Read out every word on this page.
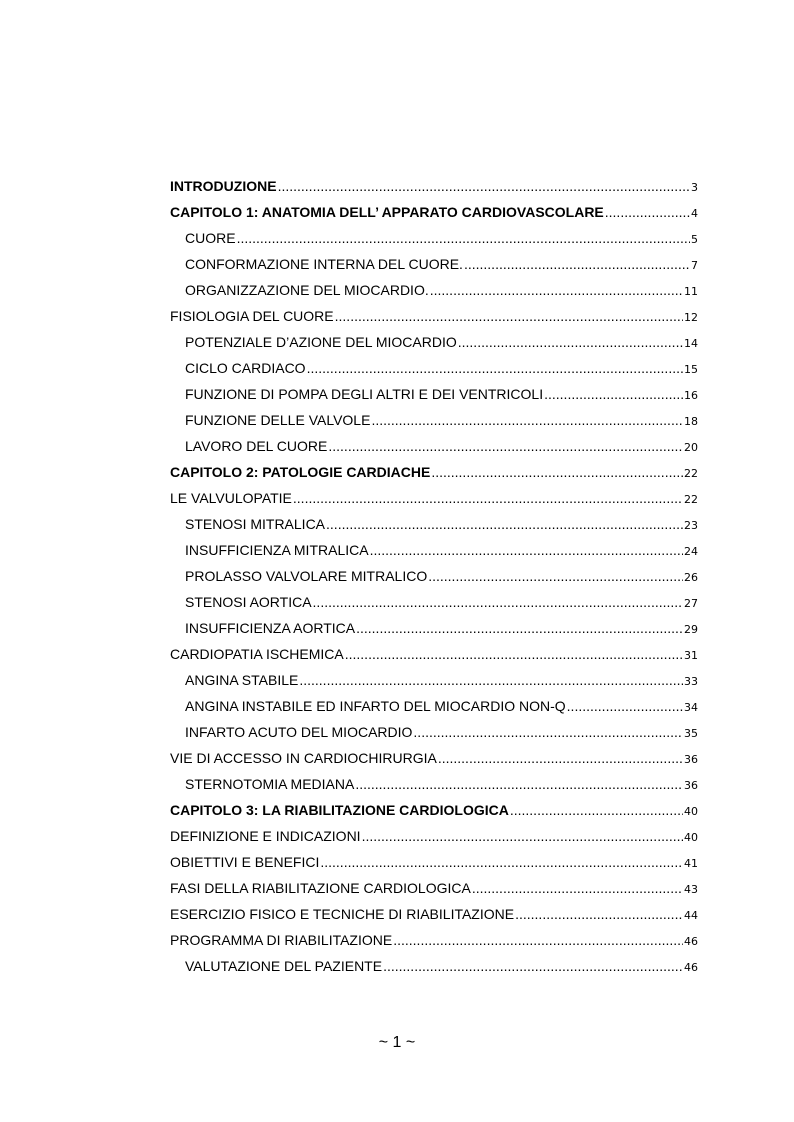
INTRODUZIONE .....	3
CAPITOLO 1: ANATOMIA DELL’ APPARATO CARDIOVASCOLARE .....	4
CUORE .....	5
CONFORMAZIONE INTERNA DEL CUORE. .....	7
ORGANIZZAZIONE DEL MIOCARDIO. .....	11
FISIOLOGIA DEL CUORE .....	12
POTENZIALE D’AZIONE DEL MIOCARDIO .....	14
CICLO CARDIACO .....	15
FUNZIONE DI POMPA DEGLI ALTRI E DEI VENTRICOLI .....	16
FUNZIONE DELLE VALVOLE .....	18
LAVORO DEL CUORE .....	20
CAPITOLO 2: PATOLOGIE CARDIACHE .....	22
LE VALVULOPATIE .....	22
STENOSI MITRALICA .....	23
INSUFFICIENZA MITRALICA .....	24
PROLASSO VALVOLARE MITRALICO .....	26
STENOSI AORTICA .....	27
INSUFFICIENZA AORTICA .....	29
CARDIOPATIA ISCHEMICA .....	31
ANGINA STABILE .....	33
ANGINA INSTABILE ED INFARTO DEL MIOCARDIO NON-Q .....	34
INFARTO ACUTO DEL MIOCARDIO .....	35
VIE DI ACCESSO IN CARDIOCHIRURGIA .....	36
STERNOTOMIA MEDIANA .....	36
CAPITOLO 3: LA RIABILITAZIONE CARDIOLOGICA .....	40
DEFINIZIONE E INDICAZIONI .....	40
OBIETTIVI E BENEFICI .....	41
FASI DELLA RIABILITAZIONE CARDIOLOGICA .....	43
ESERCIZIO FISICO E TECNICHE DI RIABILITAZIONE .....	44
PROGRAMMA DI RIABILITAZIONE .....	46
VALUTAZIONE DEL PAZIENTE .....	46
~ 1 ~
